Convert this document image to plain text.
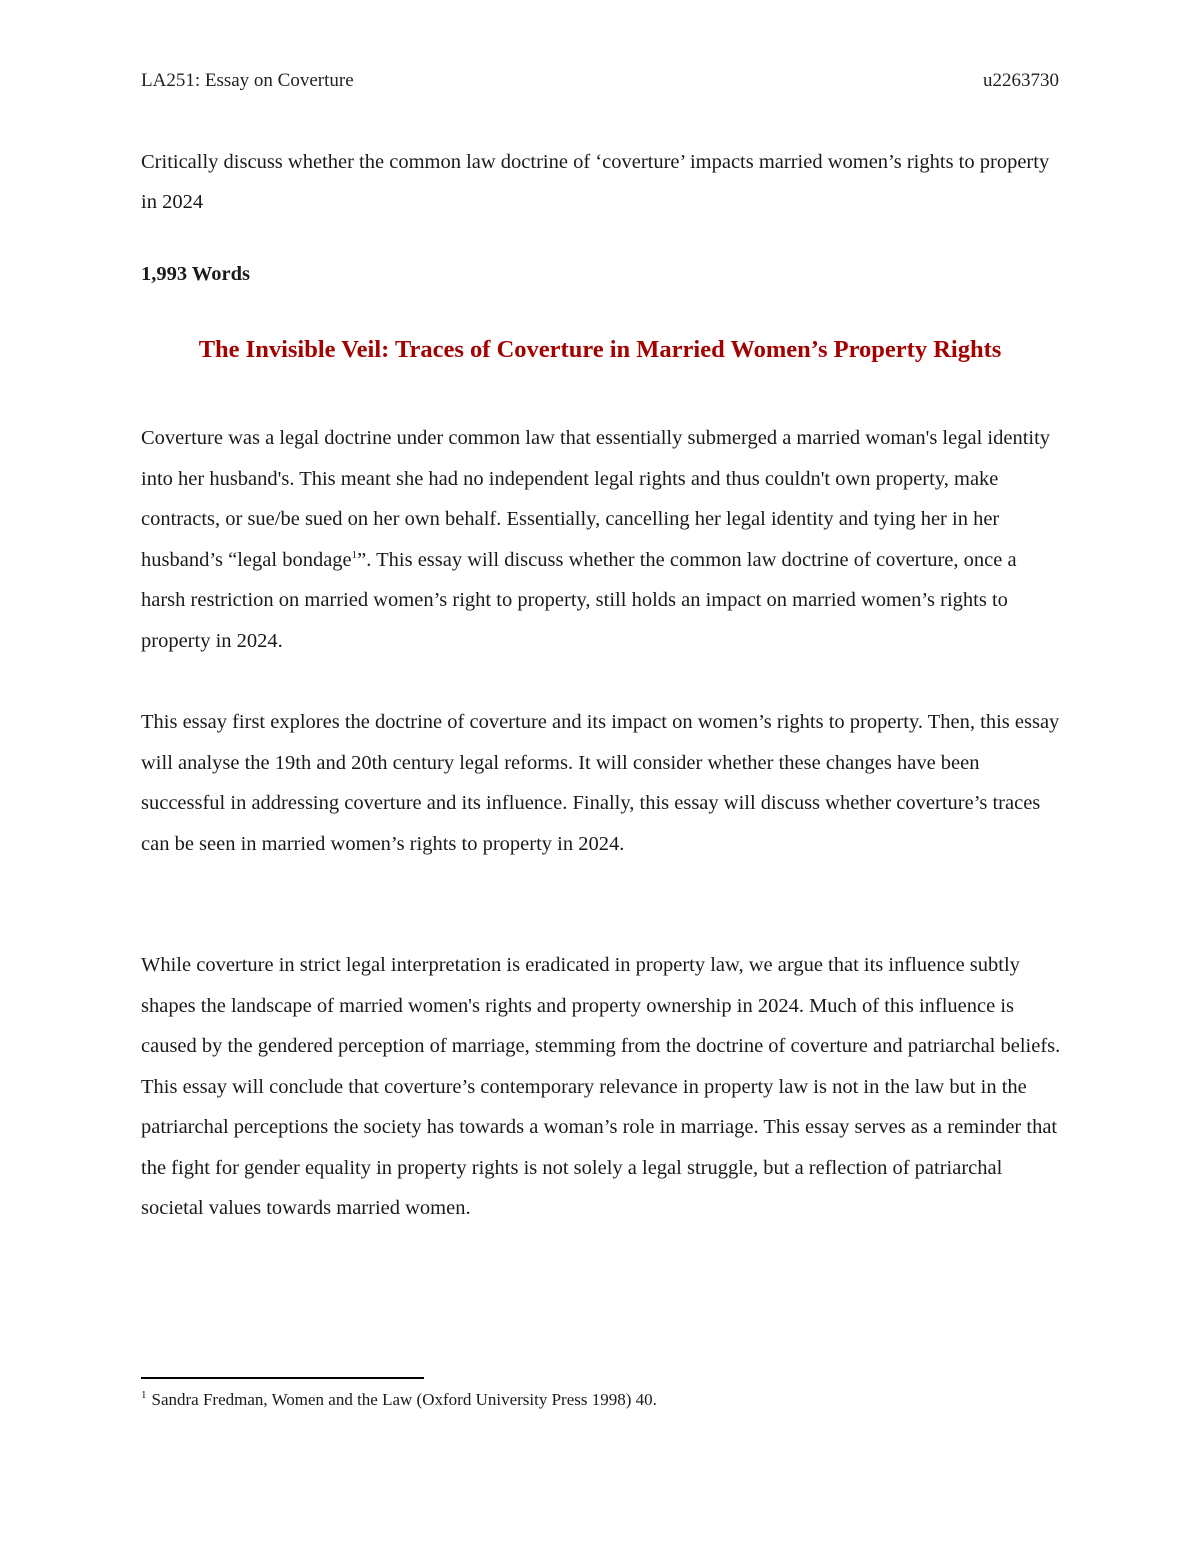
LA251: Essay on Coverture	u2263730
Critically discuss whether the common law doctrine of ‘coverture’ impacts married women’s rights to property in 2024
1,993 Words
The Invisible Veil: Traces of Coverture in Married Women’s Property Rights

Coverture was a legal doctrine under common law that essentially submerged a married woman's legal identity into her husband's. This meant she had no independent legal rights and thus couldn't own property, make contracts, or sue/be sued on her own behalf. Essentially, cancelling her legal identity and tying her in her husband’s “legal bondage$^1$”. This essay will discuss whether the common law doctrine of coverture, once a harsh restriction on married women’s right to property, still holds an impact on married women’s rights to property in 2024.

This essay first explores the doctrine of coverture and its impact on women’s rights to property. Then, this essay will analyse the 19th and 20th century legal reforms. It will consider whether these changes have been successful in addressing coverture and its influence. Finally, this essay will discuss whether coverture’s traces can be seen in married women’s rights to property in 2024.

While coverture in strict legal interpretation is eradicated in property law, we argue that its influence subtly shapes the landscape of married women's rights and property ownership in 2024. Much of this influence is caused by the gendered perception of marriage, stemming from the doctrine of coverture and patriarchal beliefs. This essay will conclude that coverture’s contemporary relevance in property law is not in the law but in the patriarchal perceptions the society has towards a woman’s role in marriage. This essay serves as a reminder that the fight for gender equality in property rights is not solely a legal struggle, but a reflection of patriarchal societal values towards married women.

$^1$ Sandra Fredman, Women and the Law (Oxford University Press 1998) 40.
